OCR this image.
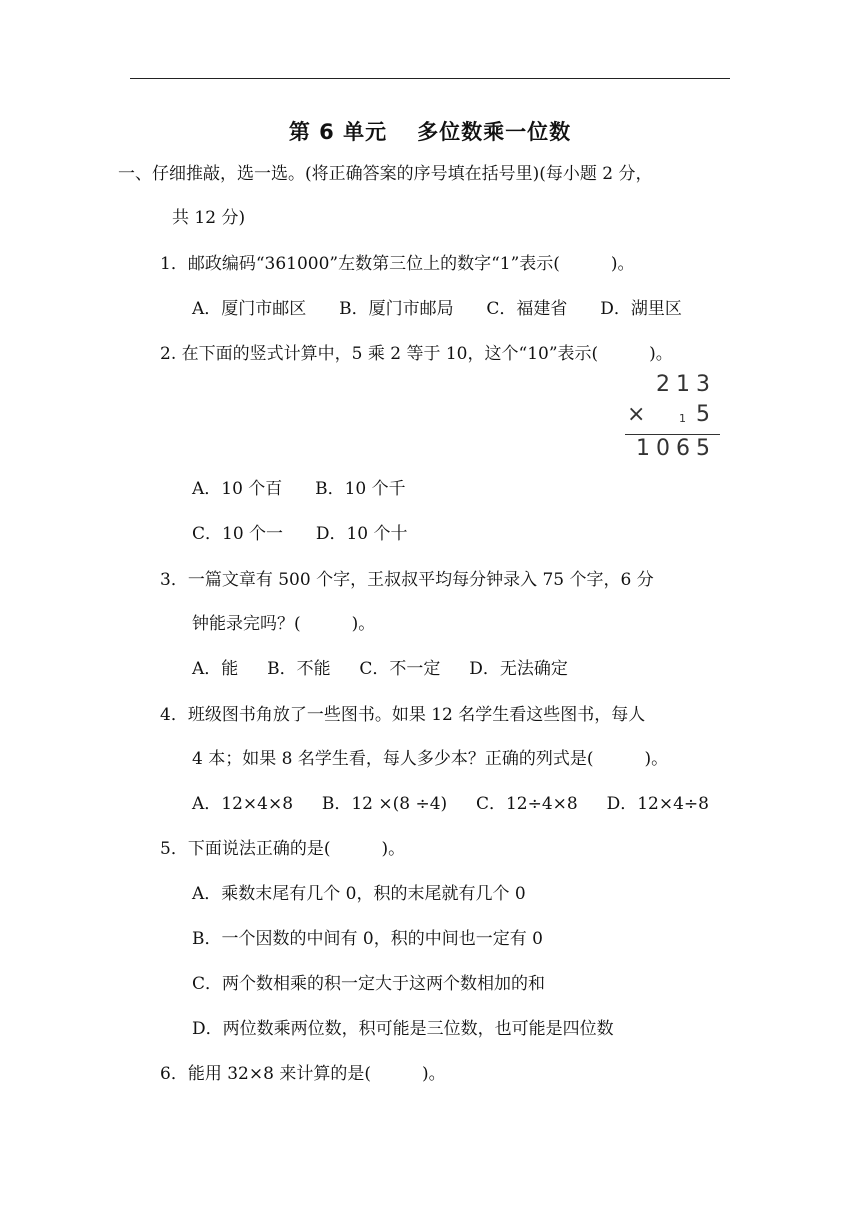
第 6 单元 多位数乘一位数
一、仔细推敲，选一选。(将正确答案的序号填在括号里)(每小题 2 分，
共 12 分)
1．邮政编码“361000”左数第三位上的数字“1”表示(　　　)。
A．厦门市邮区 B．厦门市邮局 C．福建省 D．湖里区
2. 在下面的竖式计算中，5 乘 2 等于 10，这个“10”表示(　　　)。
213
×	1 5
1065
A．10 个百 B．10 个千
C．10 个一 D．10 个十
3．一篇文章有 500 个字，王叔叔平均每分钟录入 75 个字，6 分
钟能录完吗？(　　　)。
A．能 B．不能 C．不一定 D．无法确定
4．班级图书角放了一些图书。如果 12 名学生看这些图书，每人
4 本；如果 8 名学生看，每人多少本？正确的列式是(　　　)。
A．12×4×8 B．12 ×(8 ÷4) C．12÷4×8 D．12×4÷8
5．下面说法正确的是(　　　)。
A．乘数末尾有几个 0，积的末尾就有几个 0
B．一个因数的中间有 0，积的中间也一定有 0
C．两个数相乘的积一定大于这两个数相加的和
D．两位数乘两位数，积可能是三位数，也可能是四位数
6．能用 32×8 来计算的是(　　　)。
